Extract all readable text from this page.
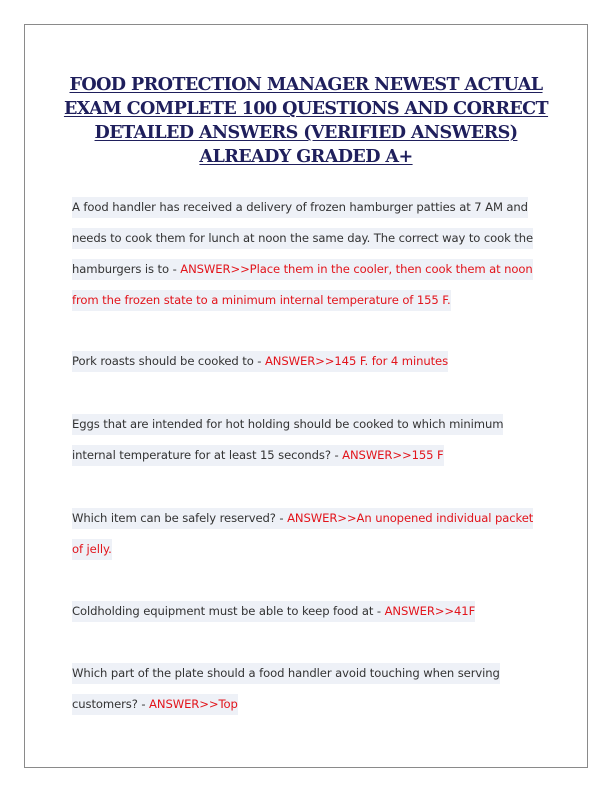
FOOD PROTECTION MANAGER NEWEST ACTUAL EXAM COMPLETE 100 QUESTIONS AND CORRECT DETAILED ANSWERS (VERIFIED ANSWERS) ALREADY GRADED A+

A food handler has received a delivery of frozen hamburger patties at 7 AM and needs to cook them for lunch at noon the same day. The correct way to cook the hamburgers is to - ANSWER>>Place them in the cooler, then cook them at noon from the frozen state to a minimum internal temperature of 155 F.

Pork roasts should be cooked to - ANSWER>>145 F. for 4 minutes

Eggs that are intended for hot holding should be cooked to which minimum internal temperature for at least 15 seconds? - ANSWER>>155 F

Which item can be safely reserved? - ANSWER>>An unopened individual packet of jelly.

Coldholding equipment must be able to keep food at - ANSWER>>41F

Which part of the plate should a food handler avoid touching when serving customers? - ANSWER>>Top
